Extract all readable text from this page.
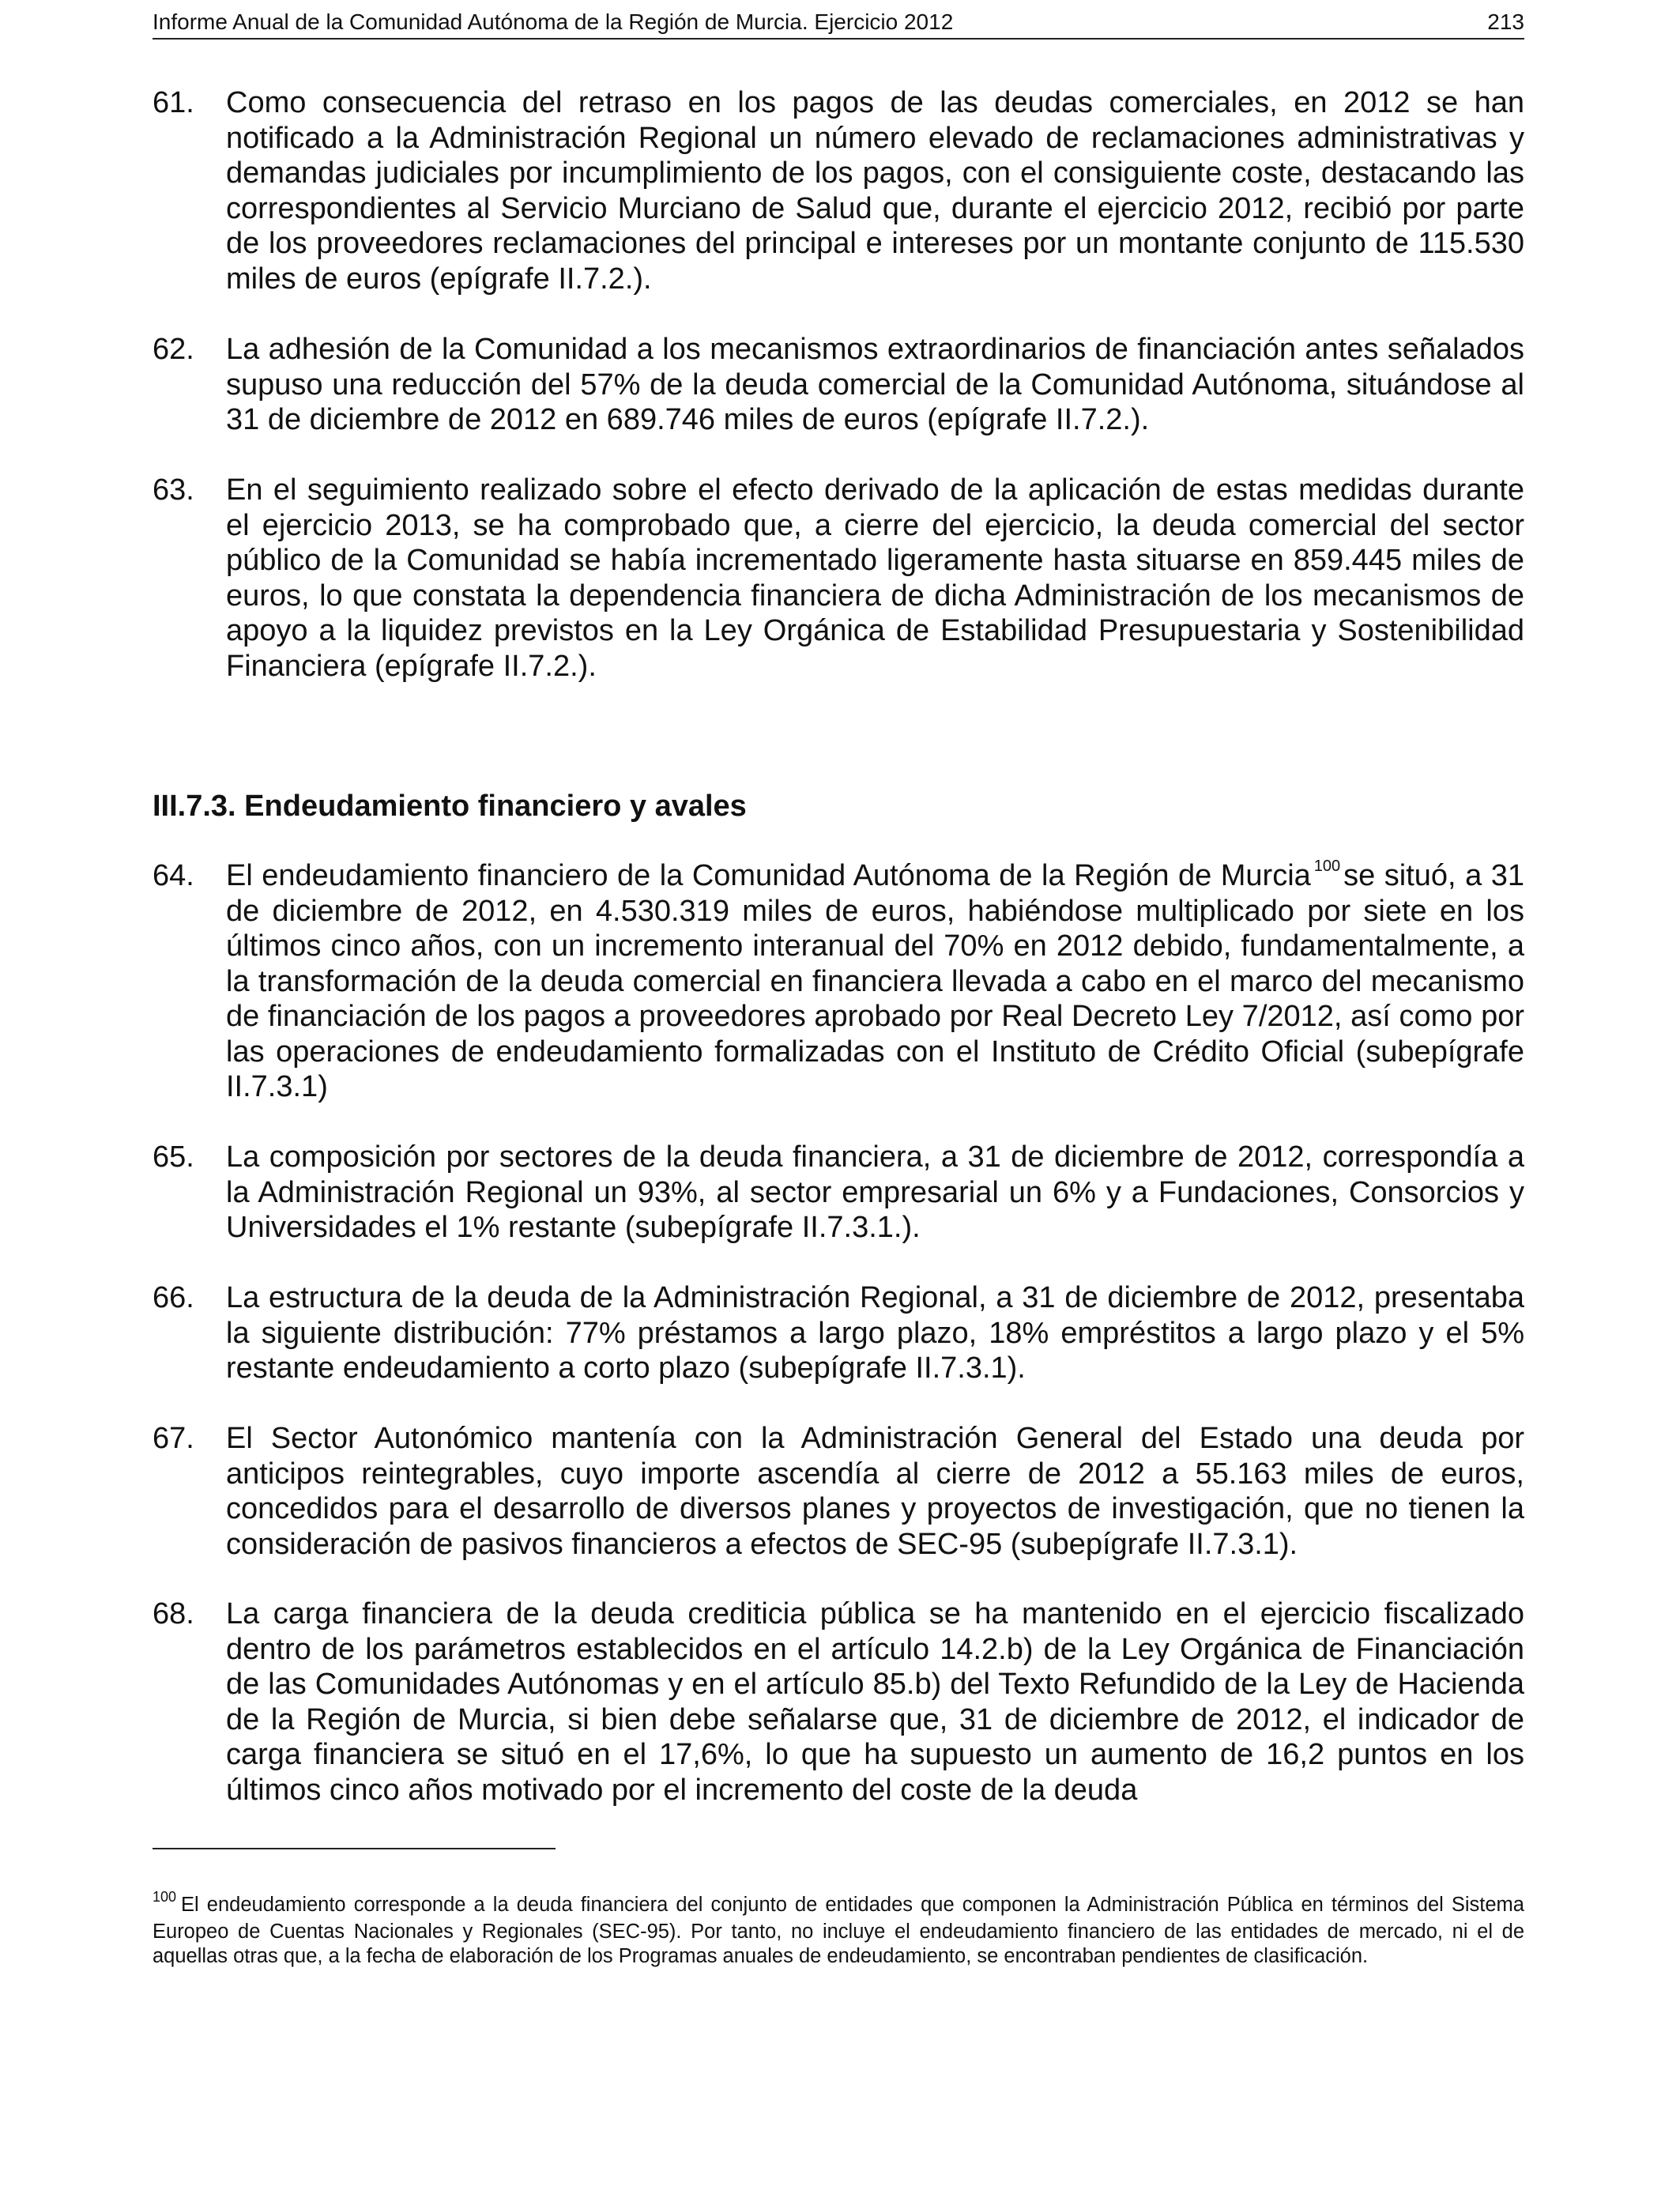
Informe Anual de la Comunidad Autónoma de la Región de Murcia. Ejercicio 2012	213
61. Como consecuencia del retraso en los pagos de las deudas comerciales, en 2012 se han notificado a la Administración Regional un número elevado de reclamaciones administrativas y demandas judiciales por incumplimiento de los pagos, con el consiguiente coste, destacando las correspondientes al Servicio Murciano de Salud que, durante el ejercicio 2012, recibió por parte de los proveedores reclamaciones del principal e intereses por un montante conjunto de 115.530 miles de euros (epígrafe II.7.2.).
62. La adhesión de la Comunidad a los mecanismos extraordinarios de financiación antes señalados supuso una reducción del 57% de la deuda comercial de la Comunidad Autónoma, situándose al 31 de diciembre de 2012 en 689.746 miles de euros (epígrafe II.7.2.).
63. En el seguimiento realizado sobre el efecto derivado de la aplicación de estas medidas durante el ejercicio 2013, se ha comprobado que, a cierre del ejercicio, la deuda comercial del sector público de la Comunidad se había incrementado ligeramente hasta situarse en 859.445 miles de euros, lo que constata la dependencia financiera de dicha Administración de los mecanismos de apoyo a la liquidez previstos en la Ley Orgánica de Estabilidad Presupuestaria y Sostenibilidad Financiera (epígrafe II.7.2.).
III.7.3. Endeudamiento financiero y avales
64. El endeudamiento financiero de la Comunidad Autónoma de la Región de Murcia $^{100}$ se situó, a 31 de diciembre de 2012, en 4.530.319 miles de euros, habiéndose multiplicado por siete en los últimos cinco años, con un incremento interanual del 70% en 2012 debido, fundamentalmente, a la transformación de la deuda comercial en financiera llevada a cabo en el marco del mecanismo de financiación de los pagos a proveedores aprobado por Real Decreto Ley 7/2012, así como por las operaciones de endeudamiento formalizadas con el Instituto de Crédito Oficial (subepígrafe II.7.3.1)
65. La composición por sectores de la deuda financiera, a 31 de diciembre de 2012, correspondía a la Administración Regional un 93%, al sector empresarial un 6% y a Fundaciones, Consorcios y Universidades el 1% restante (subepígrafe II.7.3.1.).
66. La estructura de la deuda de la Administración Regional, a 31 de diciembre de 2012, presentaba la siguiente distribución: 77% préstamos a largo plazo, 18% empréstitos a largo plazo y el 5% restante endeudamiento a corto plazo (subepígrafe II.7.3.1).
67. El Sector Autonómico mantenía con la Administración General del Estado una deuda por anticipos reintegrables, cuyo importe ascendía al cierre de 2012 a 55.163 miles de euros, concedidos para el desarrollo de diversos planes y proyectos de investigación, que no tienen la consideración de pasivos financieros a efectos de SEC-95 (subepígrafe II.7.3.1).
68. La carga financiera de la deuda crediticia pública se ha mantenido en el ejercicio fiscalizado dentro de los parámetros establecidos en el artículo 14.2.b) de la Ley Orgánica de Financiación de las Comunidades Autónomas y en el artículo 85.b) del Texto Refundido de la Ley de Hacienda de la Región de Murcia, si bien debe señalarse que, 31 de diciembre de 2012, el indicador de carga financiera se situó en el 17,6%, lo que ha supuesto un aumento de 16,2 puntos en los últimos cinco años motivado por el incremento del coste de la deuda
$^{100}$ El endeudamiento corresponde a la deuda financiera del conjunto de entidades que componen la Administración Pública en términos del Sistema Europeo de Cuentas Nacionales y Regionales (SEC-95). Por tanto, no incluye el endeudamiento financiero de las entidades de mercado, ni el de aquellas otras que, a la fecha de elaboración de los Programas anuales de endeudamiento, se encontraban pendientes de clasificación.
